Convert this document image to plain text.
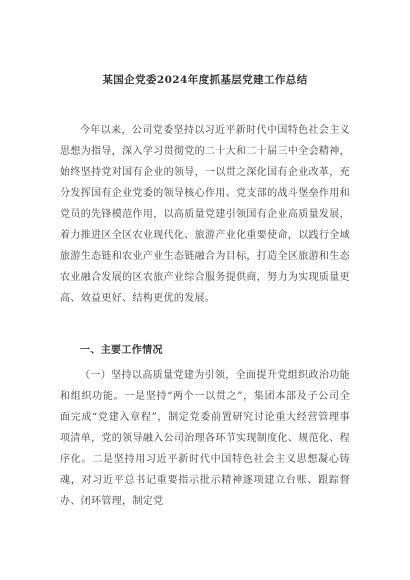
某国企党委2024年度抓基层党建工作总结

今年以来，公司党委坚持以习近平新时代中国特色社会主义思想为指导，深入学习贯彻党的二十大和二十届三中全会精神，始终坚持党对国有企业的领导，一以贯之深化国有企业改革，充分发挥国有企业党委的领导核心作用、党支部的战斗堡垒作用和党员的先锋模范作用，以高质量党建引领国有企业高质量发展，着力推进区全区农业现代化、旅游产业化重要使命，以践行全域旅游生态链和农业产业生态链融合为目标，打造全区旅游和生态农业融合发展的区农旅产业综合服务提供商，努力为实现质量更高、效益更好、结构更优的发展。

一、主要工作情况

（一）坚持以高质量党建为引领，全面提升党组织政治功能和组织功能。一是坚持“两个一以贯之”，集团本部及子公司全面完成“党建入章程”，制定党委前置研究讨论重大经营管理事项清单，党的领导融入公司治理各环节实现制度化、规范化、程序化。二是坚持用习近平新时代中国特色社会主义思想凝心铸魂，对习近平总书记重要指示批示精神逐项建立台账、跟踪督办、闭环管理，制定党
